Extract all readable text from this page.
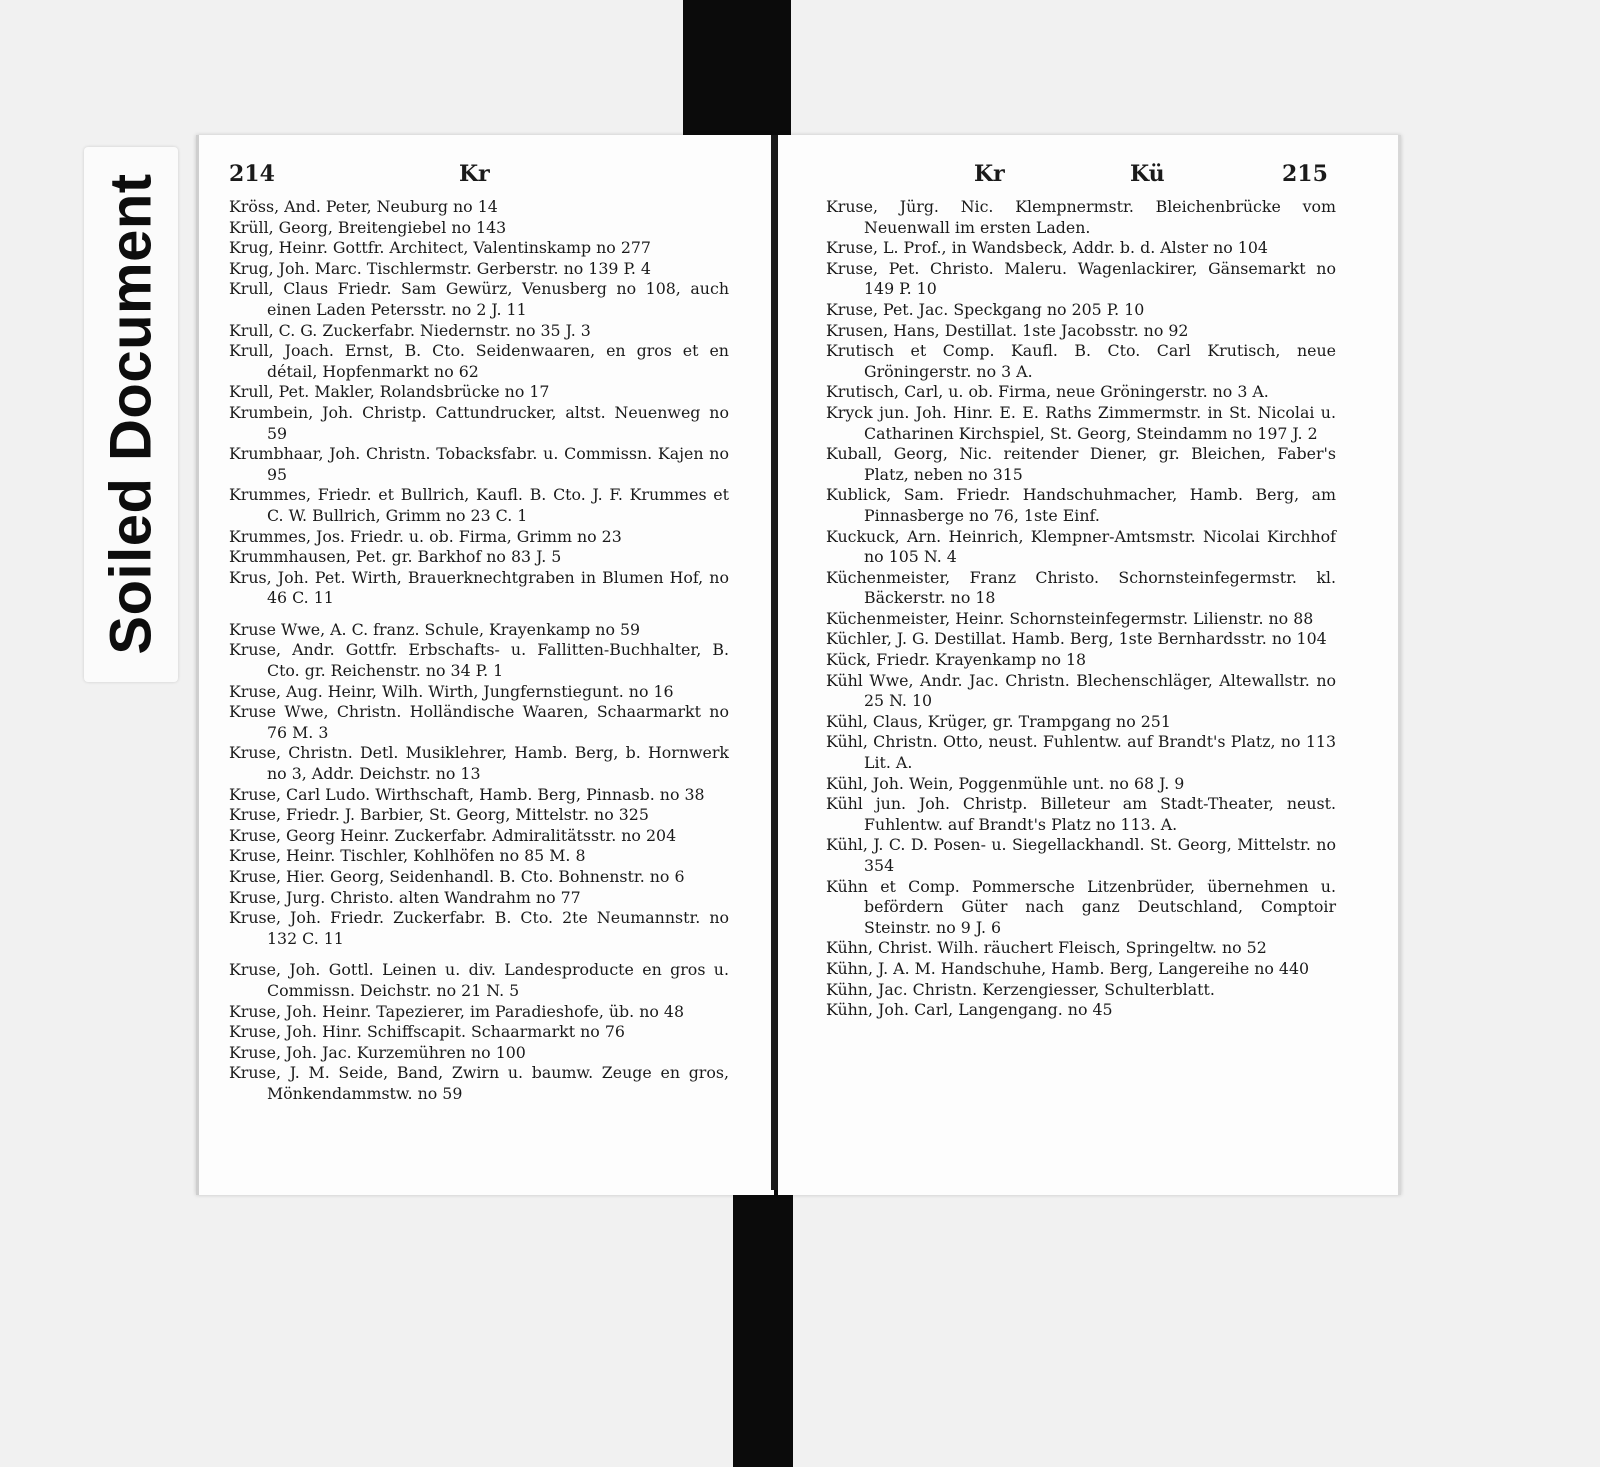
Soiled Document	214	Kr
Kröss, And. Peter, Neuburg no 14
Krüll, Georg, Breitengiebel no 143
Krug, Heinr. Gottfr. Architect, Valentinskamp no 277
Krug, Joh. Marc. Tischlermstr. Gerberstr. no 139 P. 4
Krull, Claus Friedr. Sam Gewürz, Venusberg no 108, auch einen Laden Petersstr. no 2 J. 11
Krull, C. G. Zuckerfabr. Niedernstr. no 35 J. 3
Krull, Joach. Ernst, B. Cto. Seidenwaaren, en gros et en détail, Hopfenmarkt no 62
Krull, Pet. Makler, Rolandsbrücke no 17
Krumbein, Joh. Christp. Cattundrucker, altst. Neuenweg no 59
Krumbhaar, Joh. Christn. Tobacksfabr. u. Commissn. Kajen no 95
Krummes, Friedr. et Bullrich, Kaufl. B. Cto. J. F. Krummes et C. W. Bullrich, Grimm no 23 C. 1
Krummes, Jos. Friedr. u. ob. Firma, Grimm no 23
Krummhausen, Pet. gr. Barkhof no 83 J. 5
Krus, Joh. Pet. Wirth, Brauerknechtgraben in Blumen Hof, no 46 C. 11
Kruse Wwe, A. C. franz. Schule, Krayenkamp no 59
Kruse, Andr. Gottfr. Erbschafts- u. Fallitten-Buchhalter, B. Cto. gr. Reichenstr. no 34 P. 1
Kruse, Aug. Heinr, Wilh. Wirth, Jungfernstiegunt. no 16
Kruse Wwe, Christn. Holländische Waaren, Schaarmarkt no 76 M. 3
Kruse, Christn. Detl. Musiklehrer, Hamb. Berg, b. Hornwerk no 3, Addr. Deichstr. no 13
Kruse, Carl Ludo. Wirthschaft, Hamb. Berg, Pinnasb. no 38
Kruse, Friedr. J. Barbier, St. Georg, Mittelstr. no 325
Kruse, Georg Heinr. Zuckerfabr. Admiralitätsstr. no 204
Kruse, Heinr. Tischler, Kohlhöfen no 85 M. 8
Kruse, Hier. Georg, Seidenhandl. B. Cto. Bohnenstr. no 6
Kruse, Jurg. Christo. alten Wandrahm no 77
Kruse, Joh. Friedr. Zuckerfabr. B. Cto. 2te Neumannstr. no 132 C. 11
Kruse, Joh. Gottl. Leinen u. div. Landesproducte en gros u. Commissn. Deichstr. no 21 N. 5
Kruse, Joh. Heinr. Tapezierer, im Paradieshofe, üb. no 48
Kruse, Joh. Hinr. Schiffscapit. Schaarmarkt no 76
Kruse, Joh. Jac. Kurzemühren no 100
Kruse, J. M. Seide, Band, Zwirn u. baumw. Zeuge en gros, Mönkendammstw. no 59
Kr	Kü	215
Kruse, Jürg. Nic. Klempnermstr. Bleichenbrücke vom Neuenwall im ersten Laden.
Kruse, L. Prof., in Wandsbeck, Addr. b. d. Alster no 104
Kruse, Pet. Christo. Maleru. Wagenlackirer, Gänsemarkt no 149 P. 10
Kruse, Pet. Jac. Speckgang no 205 P. 10
Krusen, Hans, Destillat. 1ste Jacobsstr. no 92
Krutisch et Comp. Kaufl. B. Cto. Carl Krutisch, neue Gröningerstr. no 3 A.
Krutisch, Carl, u. ob. Firma, neue Gröningerstr. no 3 A.
Kryck jun. Joh. Hinr. E. E. Raths Zimmermstr. in St. Nicolai u. Catharinen Kirchspiel, St. Georg, Steindamm no 197 J. 2
Kuball, Georg, Nic. reitender Diener, gr. Bleichen, Faber's Platz, neben no 315
Kublick, Sam. Friedr. Handschuhmacher, Hamb. Berg, am Pinnasberge no 76, 1ste Einf.
Kuckuck, Arn. Heinrich, Klempner-Amtsmstr. Nicolai Kirchhof no 105 N. 4
Küchenmeister, Franz Christo. Schornsteinfegermstr. kl. Bäckerstr. no 18
Küchenmeister, Heinr. Schornsteinfegermstr. Lilienstr. no 88
Küchler, J. G. Destillat. Hamb. Berg, 1ste Bernhardsstr. no 104
Kück, Friedr. Krayenkamp no 18
Kühl Wwe, Andr. Jac. Christn. Blechenschläger, Altewallstr. no 25 N. 10
Kühl, Claus, Krüger, gr. Trampgang no 251
Kühl, Christn. Otto, neust. Fuhlentw. auf Brandt's Platz, no 113 Lit. A.
Kühl, Joh. Wein, Poggenmühle unt. no 68 J. 9
Kühl jun. Joh. Christp. Billeteur am Stadt-Theater, neust. Fuhlentw. auf Brandt's Platz no 113. A.
Kühl, J. C. D. Posen- u. Siegellackhandl. St. Georg, Mittelstr. no 354
Kühn et Comp. Pommersche Litzenbrüder, übernehmen u. befördern Güter nach ganz Deutschland, Comptoir Steinstr. no 9 J. 6
Kühn, Christ. Wilh. räuchert Fleisch, Springeltw. no 52
Kühn, J. A. M. Handschuhe, Hamb. Berg, Langereihe no 440
Kühn, Jac. Christn. Kerzengiesser, Schulterblatt.
Kühn, Joh. Carl, Langengang. no 45
